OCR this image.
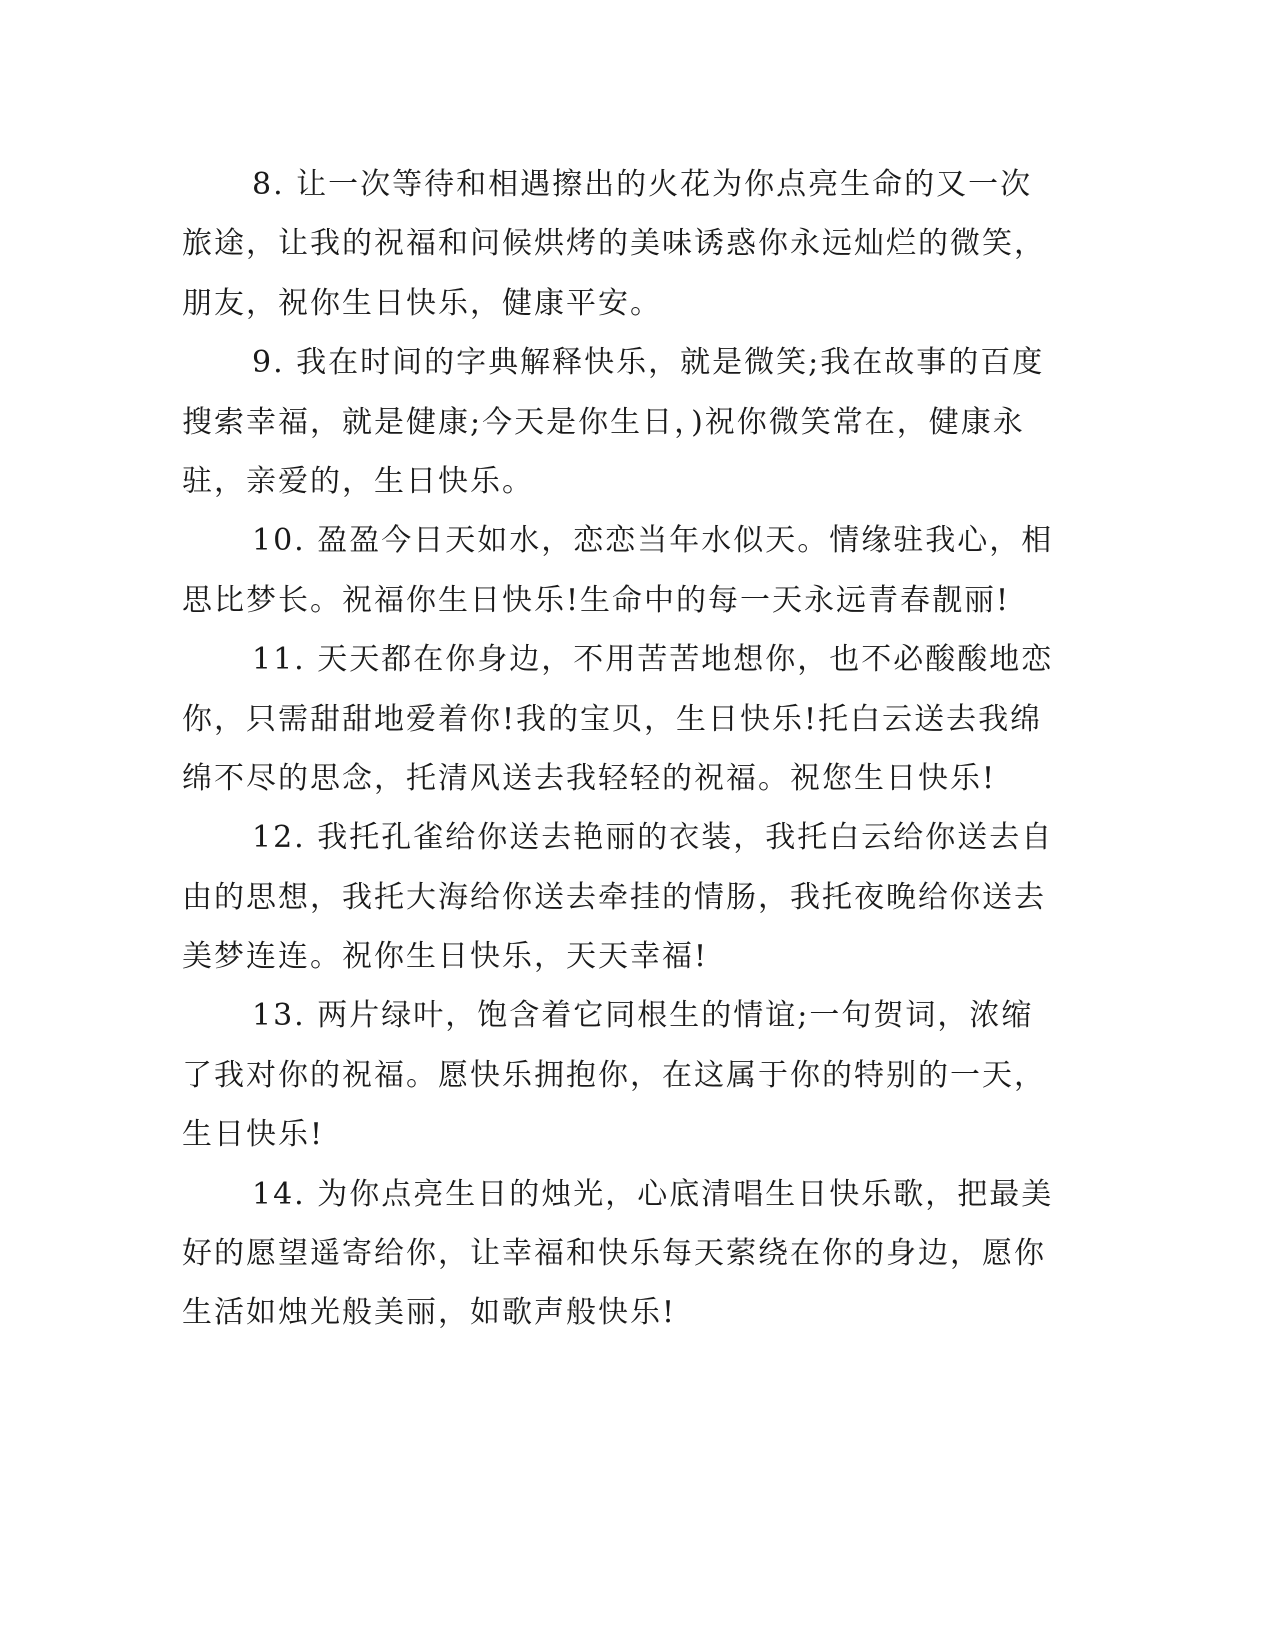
8. 让一次等待和相遇擦出的火花为你点亮生命的又一次
旅途，让我的祝福和问候烘烤的美味诱惑你永远灿烂的微笑，
朋友，祝你生日快乐，健康平安。
9. 我在时间的字典解释快乐，就是微笑;我在故事的百度
搜索幸福，就是健康;今天是你生日，)祝你微笑常在，健康永
驻，亲爱的，生日快乐。
10. 盈盈今日天如水，恋恋当年水似天。情缘驻我心，相
思比梦长。祝福你生日快乐!生命中的每一天永远青春靓丽!
11. 天天都在你身边，不用苦苦地想你，也不必酸酸地恋
你，只需甜甜地爱着你!我的宝贝，生日快乐!托白云送去我绵
绵不尽的思念，托清风送去我轻轻的祝福。祝您生日快乐!
12. 我托孔雀给你送去艳丽的衣装，我托白云给你送去自
由的思想，我托大海给你送去牵挂的情肠，我托夜晚给你送去
美梦连连。祝你生日快乐，天天幸福!
13. 两片绿叶，饱含着它同根生的情谊;一句贺词，浓缩
了我对你的祝福。愿快乐拥抱你，在这属于你的特别的一天，
生日快乐!
14. 为你点亮生日的烛光，心底清唱生日快乐歌，把最美
好的愿望遥寄给你，让幸福和快乐每天萦绕在你的身边，愿你
生活如烛光般美丽，如歌声般快乐!
